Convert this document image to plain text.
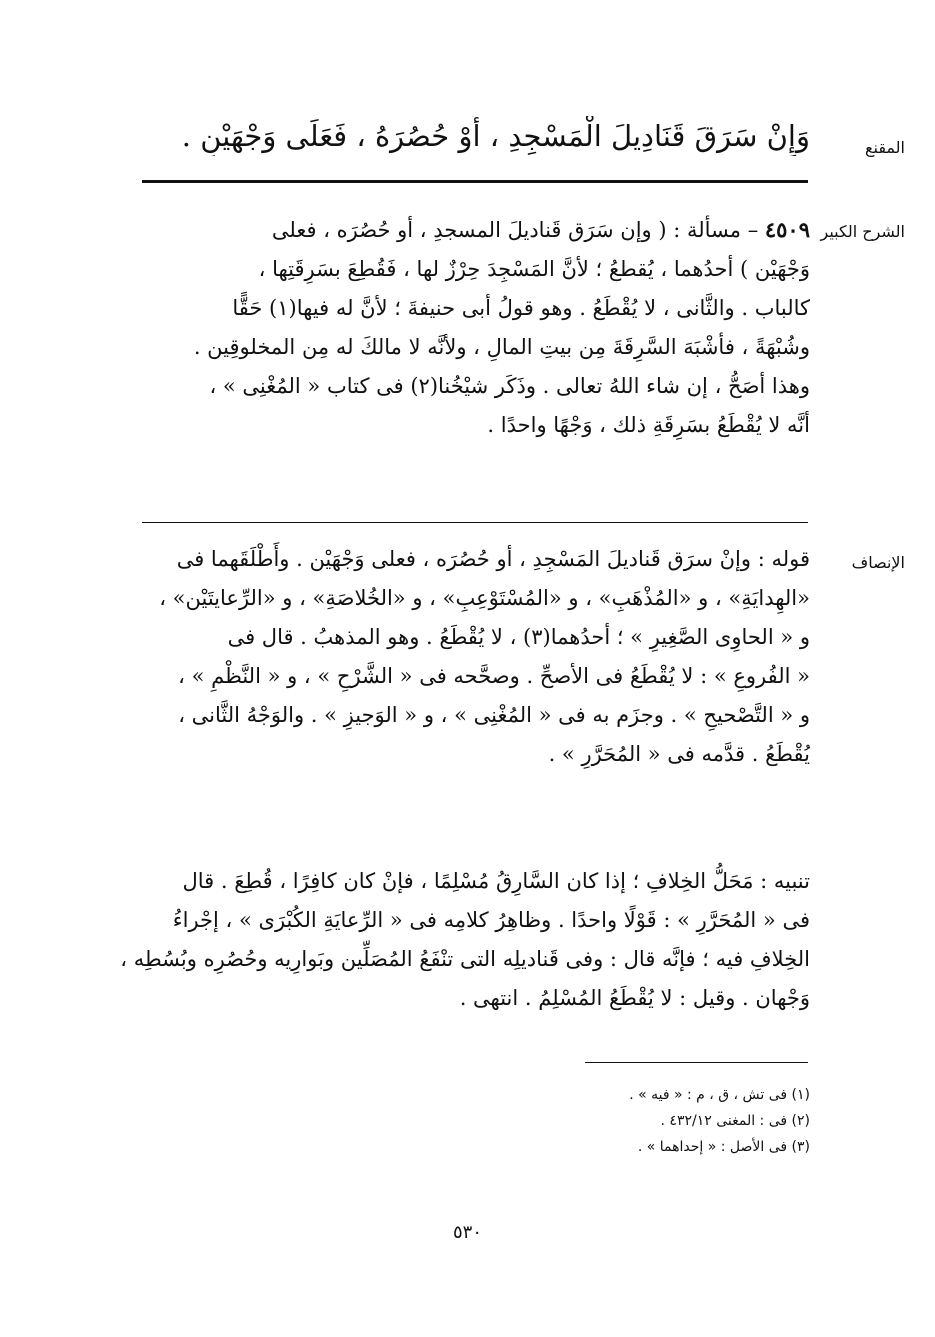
المقنع
وَإِنْ سَرَقَ قَنَادِيلَ الْمَسْجِدِ ، أَوْ حُصُرَهُ ، فَعَلَى وَجْهَيْنِ .
الشرح الكبير
٤٥٠٩ – مسألة : ( وإن سَرَق قَناديلَ المسجدِ ، أو حُصُرَه ، فعلى
وَجْهَيْن ) أحدُهما ، يُقطعُ ؛ لأنَّ المَسْجِدَ حِرْزٌ لها ، فَقُطِعَ بسَرِقَتِها ،
كالباب . والثَّانى ، لا يُقْطَعُ . وهو قولُ أبى حنيفةَ ؛ لأنَّ له فيها(١) حَقًّا
وشُبْهَةً ، فأشْبَهَ السَّرِقَةَ مِن بيتِ المالِ ، ولأنَّه لا مالكَ له مِن المخلوقِين .
وهذا أصَحُّ ، إن شاء اللهُ تعالى . وذَكَر شيْخُنا(٢) فى كتاب « المُغْنِى » ،
أنَّه لا يُقْطَعُ بسَرِقَةِ ذلك ، وَجْهًا واحدًا .
الإنصاف
قوله : وإنْ سرَق قَناديلَ المَسْجِدِ ، أو حُصُرَه ، فعلى وَجْهَيْن . وأَطْلَقَهما فى
«الهِدايَةِ» ، و «المُذْهَبِ» ، و «المُسْتَوْعِبِ» ، و «الخُلاصَةِ» ، و «الرِّعايتَيْن» ،
و « الحاوِى الصَّغِيرِ » ؛ أحدُهما(٣) ، لا يُقْطَعُ . وهو المذهبُ . قال فى
« الفُروعِ » : لا يُقْطَعُ فى الأصحِّ . وصحَّحه فى « الشَّرْحِ » ، و « النَّظْمِ » ،
و « التَّصْحيحِ » . وجزَم به فى « المُغْنِى » ، و « الوَجيزِ » . والوَجْهُ الثَّانى ،
يُقْطَعُ . قدَّمه فى « المُحَرَّرِ » .
تنبيه : مَحَلُّ الخِلافِ ؛ إذا كان السَّارِقُ مُسْلِمًا ، فإنْ كان كافِرًا ، قُطِعَ . قال
فى « المُحَرَّرِ » : قَوْلًا واحدًا . وظاهِرُ كلامِه فى « الرِّعايَةِ الكُبْرَى » ، إجْراءُ
الخِلافِ فيه ؛ فإنَّه قال : وفى قَناديلِه التى تنْفَعُ المُصَلِّين وبَوارِيه وحُصُرِه وبُسُطِه ،
وَجْهان . وقيل : لا يُقْطَعُ المُسْلِمُ . انتهى .
(١) فى تش ، ق ، م : « فيه » .
(٢) فى : المغنى ٤٣٢/١٢ .
(٣) فى الأصل : « إحداهما » .
٥٣٠
